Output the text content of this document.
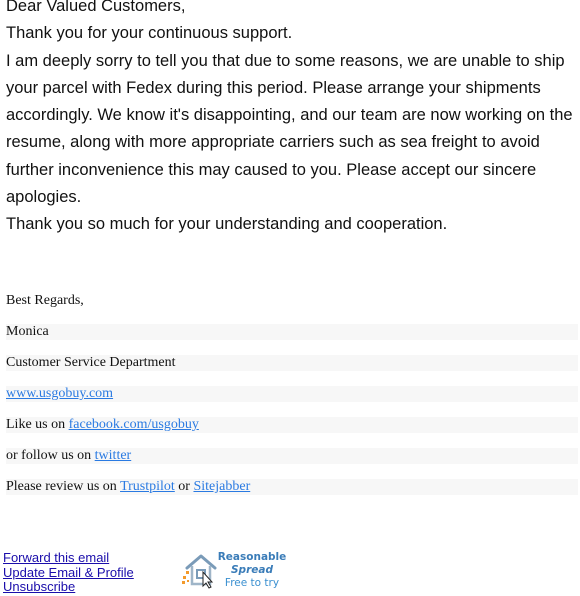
Dear Valued Customers,

Thank you for your continuous support.

I am deeply sorry to tell you that due to some reasons, we are unable to ship your parcel with Fedex during this period. Please arrange your shipments accordingly. We know it's disappointing, and our team are now working on the resume, along with more appropriate carriers such as sea freight to avoid further inconvenience this may caused to you. Please accept our sincere apologies.

Thank you so much for your understanding and cooperation.

Best Regards,
Monica
Customer Service Department
www.usgobuy.com
Like us on facebook.com/usgobuy
or follow us on twitter
Please review us on Trustpilot or Sitejabber
Forward this email
Update Email & Profile
Unsubscribe
Reasonable
Spread
Free to try
